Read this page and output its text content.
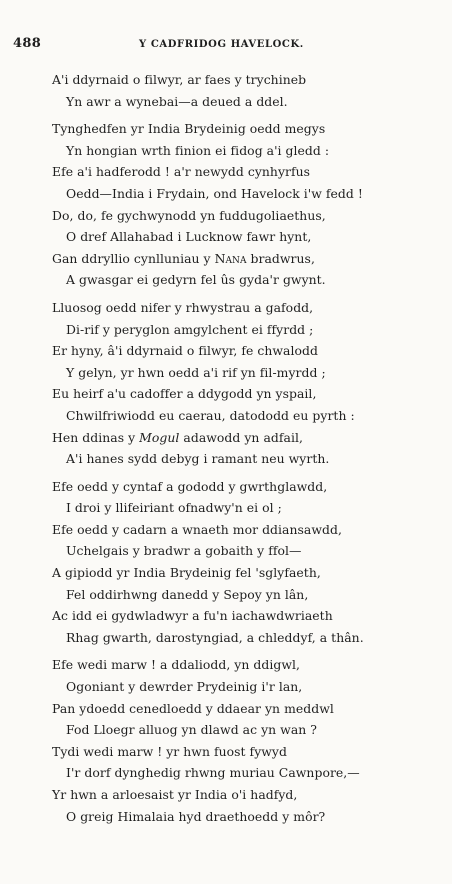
488	Y CADFRIDOG HAVELOCK.
A'i ddyrnaid o filwyr, ar faes y trychineb
Yn awr a wynebai—a deued a ddel.
Tynghedfen yr India Brydeinig oedd megys
Yn hongian wrth finion ei fidog a'i gledd :
Efe a'i hadferodd ! a'r newydd cynhyrfus
Oedd—India i Frydain, ond Havelock i'w fedd !
Do, do, fe gychwynodd yn fuddugoliaethus,
O dref Allahabad i Lucknow fawr hynt,
Gan ddryllio cynlluniau y Nana bradwrus,
A gwasgar ei gedyrn fel ûs gyda'r gwynt.
Lluosog oedd nifer y rhwystrau a gafodd,
Di-rif y peryglon amgylchent ei ffyrdd ;
Er hyny, â'i ddyrnaid o filwyr, fe chwalodd
Y gelyn, yr hwn oedd a'i rif yn fil-myrdd ;
Eu heirf a'u cadoffer a ddygodd yn yspail,
Chwilfriwiodd eu caerau, datododd eu pyrth :
Hen ddinas y Mogul adawodd yn adfail,
A'i hanes sydd debyg i ramant neu wyrth.
Efe oedd y cyntaf a gododd y gwrthglawdd,
I droi y llifeiriant ofnadwy'n ei ol ;
Efe oedd y cadarn a wnaeth mor ddiansawdd,
Uchelgais y bradwr a gobaith y ffol—
A gipiodd yr India Brydeinig fel 'sglyfaeth,
Fel oddirhwng danedd y Sepoy yn lân,
Ac idd ei gydwladwyr a fu'n iachawdwriaeth
Rhag gwarth, darostyngiad, a chleddyf, a thân.
Efe wedi marw ! a ddaliodd, yn ddigwl,
Ogoniant y dewrder Prydeinig i'r lan,
Pan ydoedd cenedloedd y ddaear yn meddwl
Fod Lloegr alluog yn dlawd ac yn wan ?
Tydi wedi marw ! yr hwn fuost fywyd
I'r dorf dynghedig rhwng muriau Cawnpore,—
Yr hwn a arloesaist yr India o'i hadfyd,
O greig Himalaia hyd draethoedd y môr?
